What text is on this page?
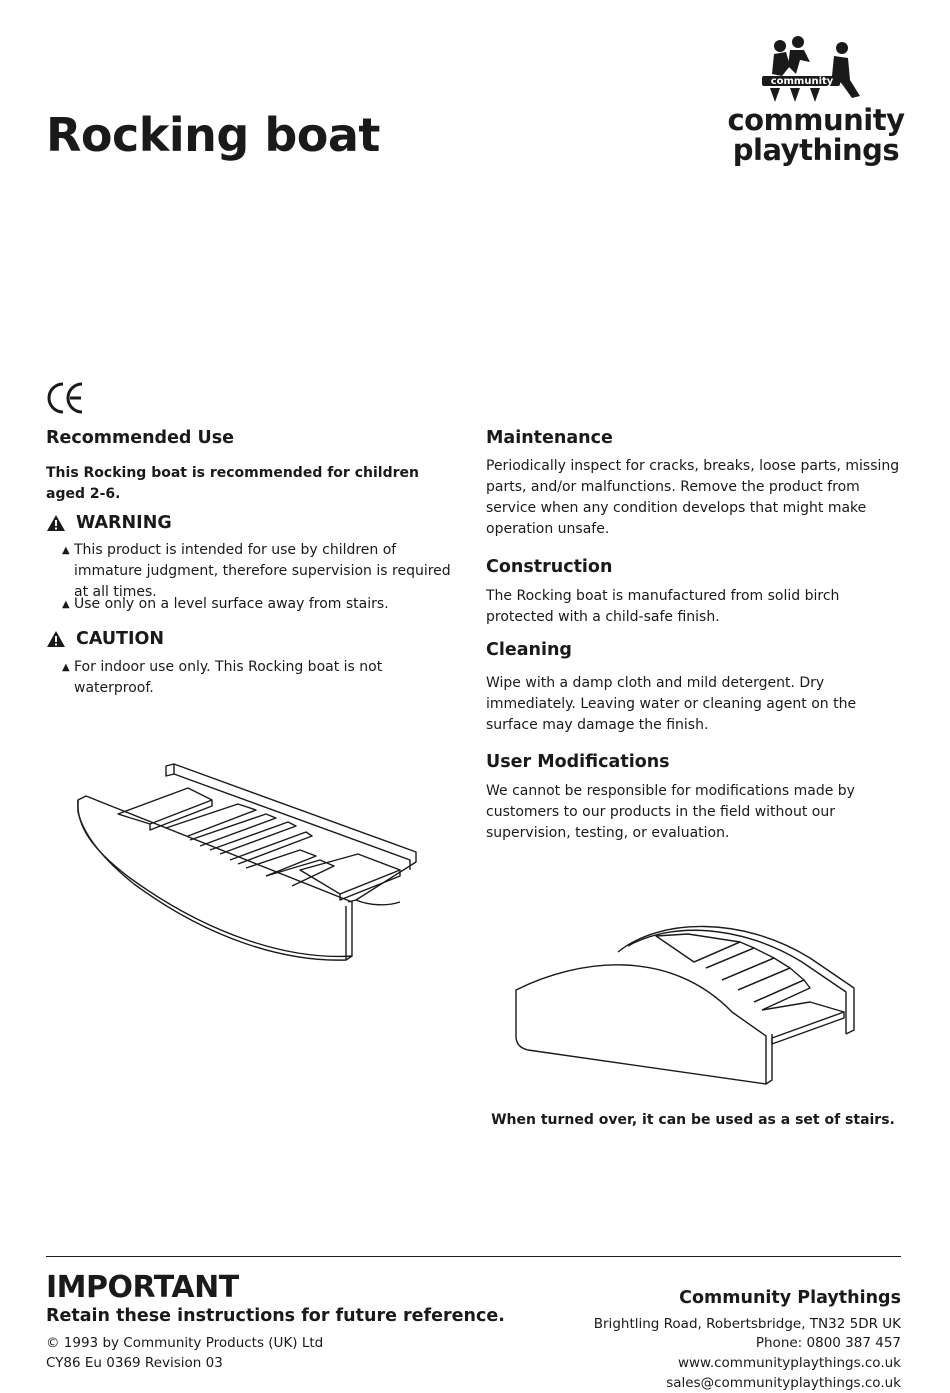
Rocking boat
community
community
playthings
Recommended Use
This Rocking boat is recommended for children aged 2-6.
WARNING
▲ This product is intended for use by children of immature judgment, therefore supervision is required at all times.
▲ Use only on a level surface away from stairs.
CAUTION
▲ For indoor use only. This Rocking boat is not waterproof.
Maintenance
Periodically inspect for cracks, breaks, loose parts, missing parts, and/or malfunctions. Remove the product from service when any condition develops that might make operation unsafe.
Construction
The Rocking boat is manufactured from solid birch protected with a child-safe finish.
Cleaning
Wipe with a damp cloth and mild detergent. Dry immediately. Leaving water or cleaning agent on the surface may damage the finish.
User Modifications
We cannot be responsible for modifications made by customers to our products in the field without our supervision, testing, or evaluation.
When turned over, it can be used as a set of stairs.
IMPORTANT
Retain these instructions for future reference.
© 1993 by Community Products (UK) Ltd
CY86 Eu 0369 Revision 03
Community Playthings
Brightling Road, Robertsbridge, TN32 5DR UK
Phone: 0800 387 457
www.communityplaythings.co.uk sales@communityplaythings.co.uk
